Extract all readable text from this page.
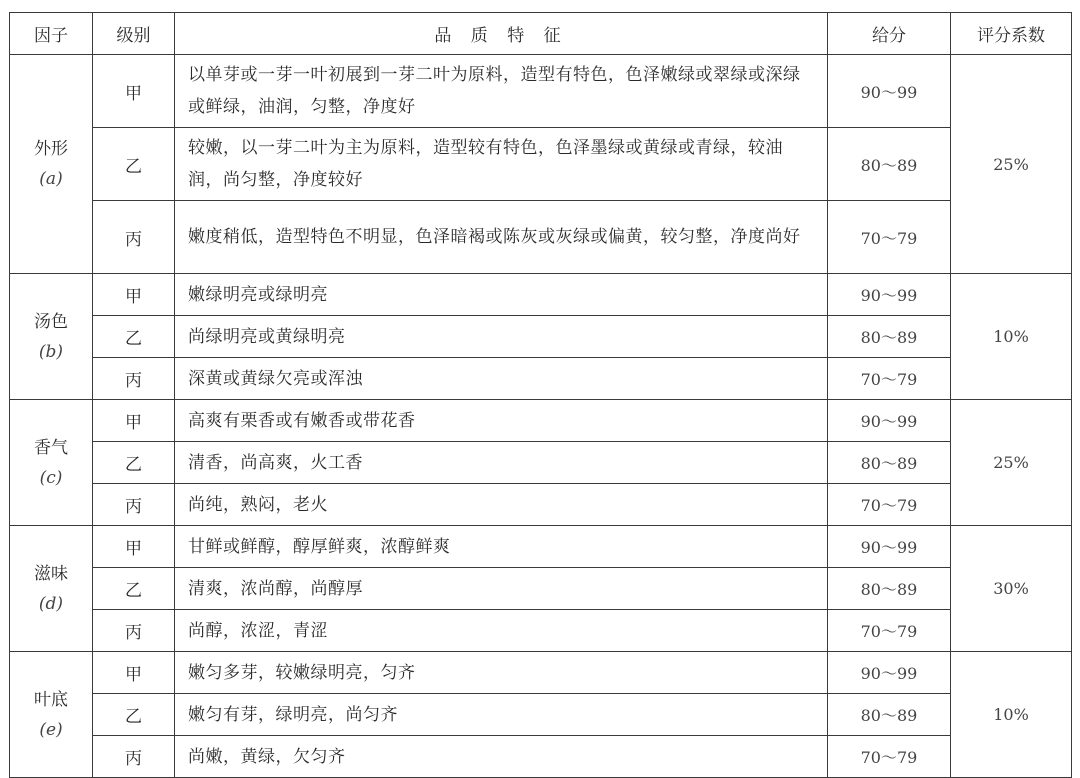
因子	级别	品 质 特 征	给分	评分系数

外形
(a)	甲	以单芽或一芽一叶初展到一芽二叶为原料，造型有特色，色泽嫩绿或翠绿或深绿或鲜绿，油润，匀整，净度好	90～99	25%
	乙	较嫩，以一芽二叶为主为原料，造型较有特色，色泽墨绿或黄绿或青绿，较油润，尚匀整，净度较好	80～89	
	丙	嫩度稍低，造型特色不明显，色泽暗褐或陈灰或灰绿或偏黄，较匀整，净度尚好	70～79	

汤色
(b)	甲	嫩绿明亮或绿明亮	90～99	10%
	乙	尚绿明亮或黄绿明亮	80～89	
	丙	深黄或黄绿欠亮或浑浊	70～79	

香气
(c)	甲	高爽有栗香或有嫩香或带花香	90～99	25%
	乙	清香，尚高爽，火工香	80～89	
	丙	尚纯，熟闷，老火	70～79	

滋味
(d)	甲	甘鲜或鲜醇，醇厚鲜爽，浓醇鲜爽	90～99	30%
	乙	清爽，浓尚醇，尚醇厚	80～89	
	丙	尚醇，浓涩，青涩	70～79	

叶底
(e)	甲	嫩匀多芽，较嫩绿明亮，匀齐	90～99	10%
	乙	嫩匀有芽，绿明亮，尚匀齐	80～89	
	丙	尚嫩，黄绿，欠匀齐	70～79	
